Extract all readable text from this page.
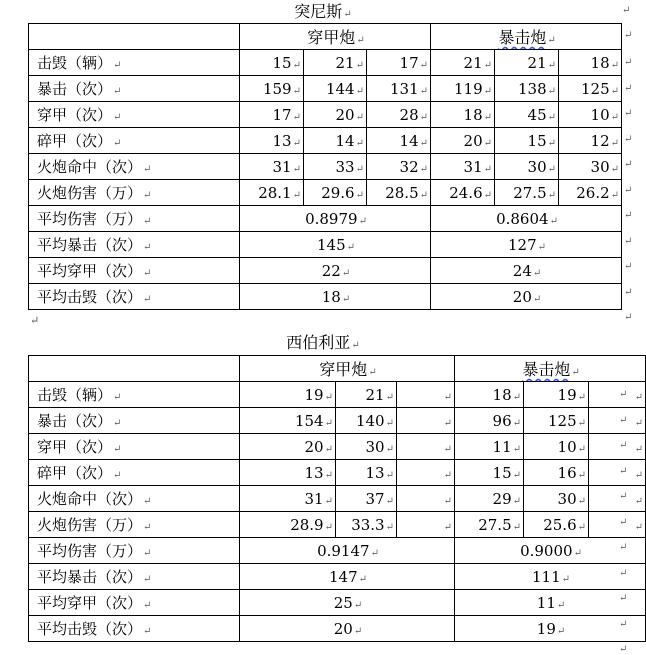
突尼斯↵	↵
	穿甲炮↵			暴击炮↵		
击毁（辆）↵	15↵	21↵	17↵	21↵	21↵	18↵
暴击（次）↵	159↵	144↵	131↵	119↵	138↵	125↵
穿甲（次）↵	17↵	20↵	28↵	18↵	45↵	10↵
碎甲（次）↵	13↵	14↵	14↵	20↵	15↵	12↵
火炮命中（次）↵	31↵	33↵	32↵	31↵	30↵	30↵
火炮伤害（万）↵	28.1↵	29.6↵	28.5↵	24.6↵	27.5↵	26.2↵
平均伤害（万）↵	0.8979↵			0.8604↵		
平均暴击（次）↵	145↵			127↵		
平均穿甲（次）↵	22↵			24↵		
平均击毁（次）↵	18↵			20↵		
↵
↵
西伯利亚↵
	穿甲炮↵			暴击炮↵		
击毁（辆）↵	19↵	21↵	↵	18↵	19↵	↵
暴击（次）↵	154↵	140↵	↵	96↵	125↵	↵
穿甲（次）↵	20↵	30↵	↵	11↵	10↵	↵
碎甲（次）↵	13↵	13↵	↵	15↵	16↵	↵
火炮命中（次）↵	31↵	37↵	↵	29↵	30↵	↵
火炮伤害（万）↵	28.9↵	33.3↵	↵	27.5↵	25.6↵	↵
平均伤害（万）↵	0.9147↵			0.9000↵		
平均暴击（次）↵	147↵			111↵		
平均穿甲（次）↵	25↵			11↵		
平均击毁（次）↵	20↵			19↵		
↵
↵
↵
↵
↵
↵
↵
↵
↵
↵
↵
↵
↵
↵
↵
↵
↵
↵
↵
↵
↵
↵
